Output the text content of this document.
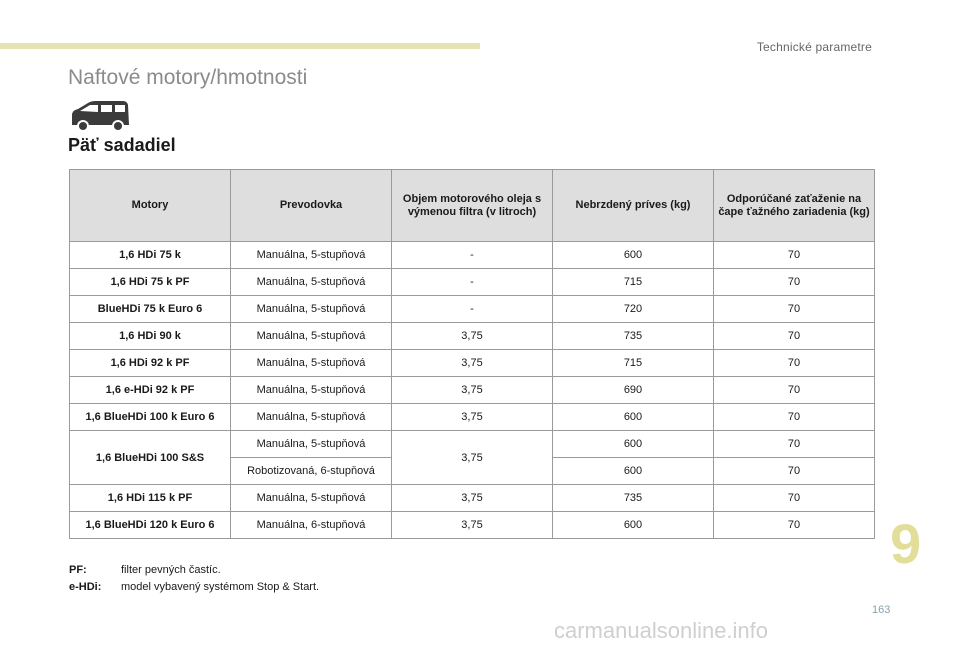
Technické parametre
Naftové motory/hmotnosti
Päť sadadiel
Motory	Prevodovka	Objem motorového oleja s výmenou filtra (v litroch)	Nebrzdený príves (kg)	Odporúčané zaťaženie na čape ťažného zariadenia (kg)
1,6 HDi 75 k	Manuálna, 5-stupňová	-	600	70
1,6 HDi 75 k PF	Manuálna, 5-stupňová	-	715	70
BlueHDi 75 k Euro 6	Manuálna, 5-stupňová	-	720	70
1,6 HDi 90 k	Manuálna, 5-stupňová	3,75	735	70
1,6 HDi 92 k PF	Manuálna, 5-stupňová	3,75	715	70
1,6 e-HDi 92 k PF	Manuálna, 5-stupňová	3,75	690	70
1,6 BlueHDi 100 k Euro 6	Manuálna, 5-stupňová	3,75	600	70
1,6 BlueHDi 100 S&S	Manuálna, 5-stupňová	3,75	600	70
	Robotizovaná, 6-stupňová		600	70
1,6 HDi 115 k PF	Manuálna, 5-stupňová	3,75	735	70
1,6 BlueHDi 120 k Euro 6	Manuálna, 6-stupňová	3,75	600	70
PF:	filter pevných častíc.
e-HDi:	model vybavený systémom Stop & Start.
9
163
carmanualsonline.info
